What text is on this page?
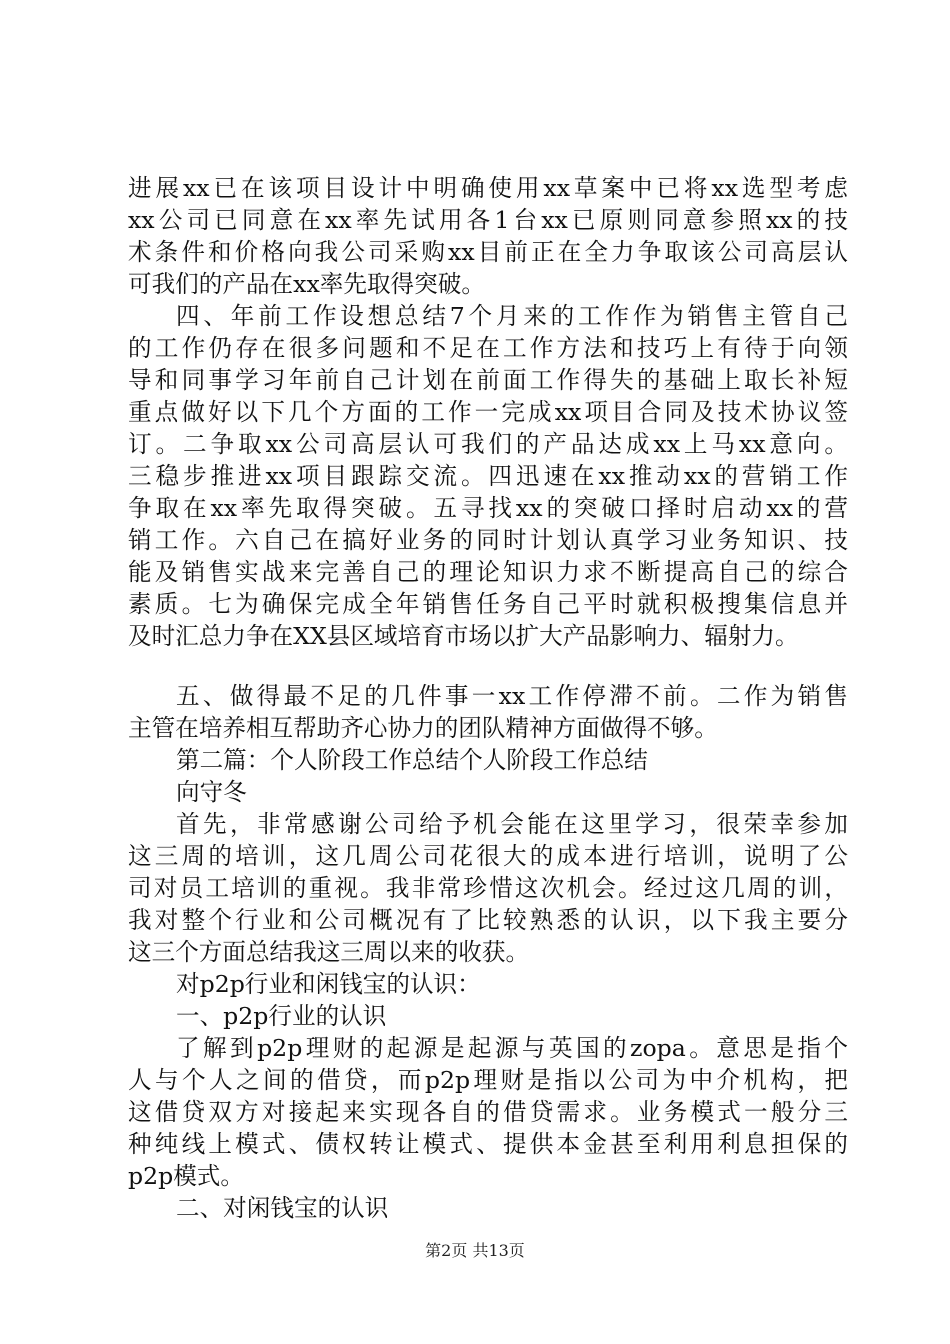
进展xx已在该项目设计中明确使用xx草案中已将xx选型考虑
xx公司已同意在xx率先试用各1台xx已原则同意参照xx的技
术条件和价格向我公司采购xx目前正在全力争取该公司高层认
可我们的产品在xx率先取得突破。
四、年前工作设想总结7个月来的工作作为销售主管自己
的工作仍存在很多问题和不足在工作方法和技巧上有待于向领
导和同事学习年前自己计划在前面工作得失的基础上取长补短
重点做好以下几个方面的工作一完成xx项目合同及技术协议签
订。二争取xx公司高层认可我们的产品达成xx上马xx意向。
三稳步推进xx项目跟踪交流。四迅速在xx推动xx的营销工作
争取在xx率先取得突破。五寻找xx的突破口择时启动xx的营
销工作。六自己在搞好业务的同时计划认真学习业务知识、技
能及销售实战来完善自己的理论知识力求不断提高自己的综合
素质。七为确保完成全年销售任务自己平时就积极搜集信息并
及时汇总力争在XX县区域培育市场以扩大产品影响力、辐射力。
五、做得最不足的几件事一xx工作停滞不前。二作为销售
主管在培养相互帮助齐心协力的团队精神方面做得不够。
第二篇：个人阶段工作总结个人阶段工作总结
向守冬
首先，非常感谢公司给予机会能在这里学习，很荣幸参加
这三周的培训，这几周公司花很大的成本进行培训，说明了公
司对员工培训的重视。我非常珍惜这次机会。经过这几周的训，
我对整个行业和公司概况有了比较熟悉的认识，以下我主要分
这三个方面总结我这三周以来的收获。
对p2p行业和闲钱宝的认识：
一、p2p行业的认识
了解到p2p理财的起源是起源与英国的zopa。意思是指个
人与个人之间的借贷，而p2p理财是指以公司为中介机构，把
这借贷双方对接起来实现各自的借贷需求。业务模式一般分三
种纯线上模式、债权转让模式、提供本金甚至利用利息担保的
p2p模式。
二、对闲钱宝的认识
第2页 共13页
